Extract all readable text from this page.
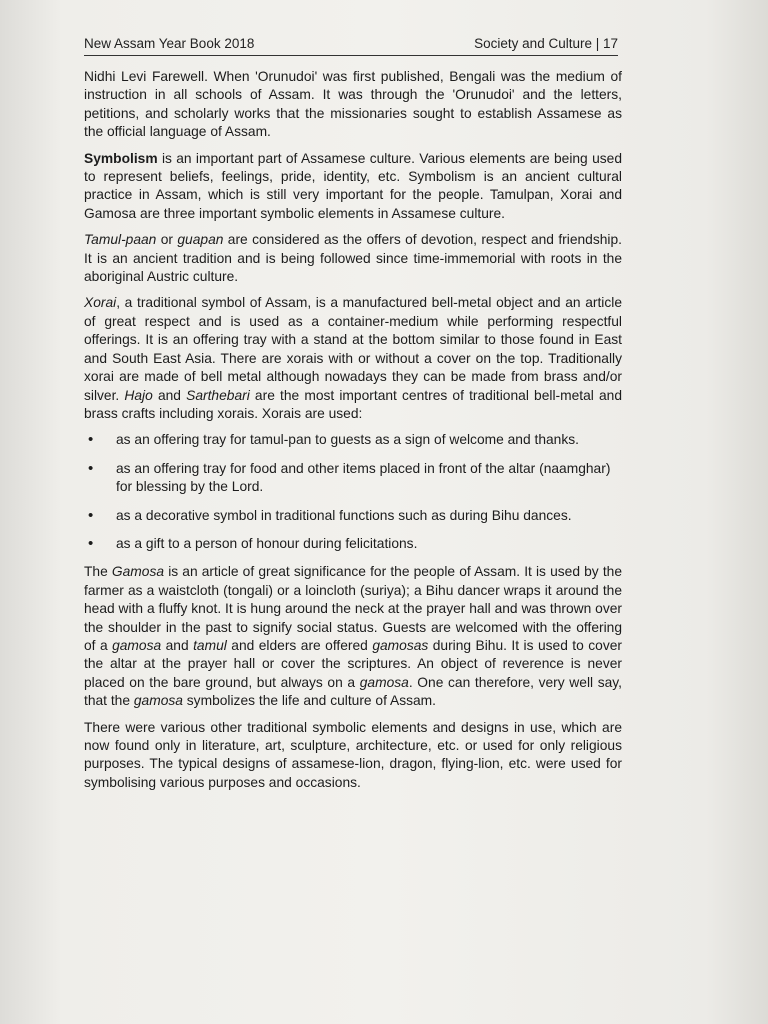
New Assam Year Book 2018	Society and Culture | 17

Nidhi Levi Farewell. When 'Orunudoi' was first published, Bengali was the medium of instruction in all schools of Assam. It was through the 'Orunudoi' and the letters, petitions, and scholarly works that the missionaries sought to establish Assamese as the official language of Assam.

Symbolism is an important part of Assamese culture. Various elements are being used to represent beliefs, feelings, pride, identity, etc. Symbolism is an ancient cultural practice in Assam, which is still very important for the people. Tamulpan, Xorai and Gamosa are three important symbolic elements in Assamese culture.

Tamul-paan or guapan are considered as the offers of devotion, respect and friendship. It is an ancient tradition and is being followed since time-immemorial with roots in the aboriginal Austric culture.

Xorai, a traditional symbol of Assam, is a manufactured bell-metal object and an article of great respect and is used as a container-medium while performing respectful offerings. It is an offering tray with a stand at the bottom similar to those found in East and South East Asia. There are xorais with or without a cover on the top. Traditionally xorai are made of bell metal although nowadays they can be made from brass and/or silver. Hajo and Sarthebari are the most important centres of traditional bell-metal and brass crafts including xorais. Xorais are used:

• as an offering tray for tamul-pan to guests as a sign of welcome and thanks.
• as an offering tray for food and other items placed in front of the altar (naamghar) for blessing by the Lord.
• as a decorative symbol in traditional functions such as during Bihu dances.
• as a gift to a person of honour during felicitations.

The Gamosa is an article of great significance for the people of Assam. It is used by the farmer as a waistcloth (tongali) or a loincloth (suriya); a Bihu dancer wraps it around the head with a fluffy knot. It is hung around the neck at the prayer hall and was thrown over the shoulder in the past to signify social status. Guests are welcomed with the offering of a gamosa and tamul and elders are offered gamosas during Bihu. It is used to cover the altar at the prayer hall or cover the scriptures. An object of reverence is never placed on the bare ground, but always on a gamosa. One can therefore, very well say, that the gamosa symbolizes the life and culture of Assam.

There were various other traditional symbolic elements and designs in use, which are now found only in literature, art, sculpture, architecture, etc. or used for only religious purposes. The typical designs of assamese-lion, dragon, flying-lion, etc. were used for symbolising various purposes and occasions.
